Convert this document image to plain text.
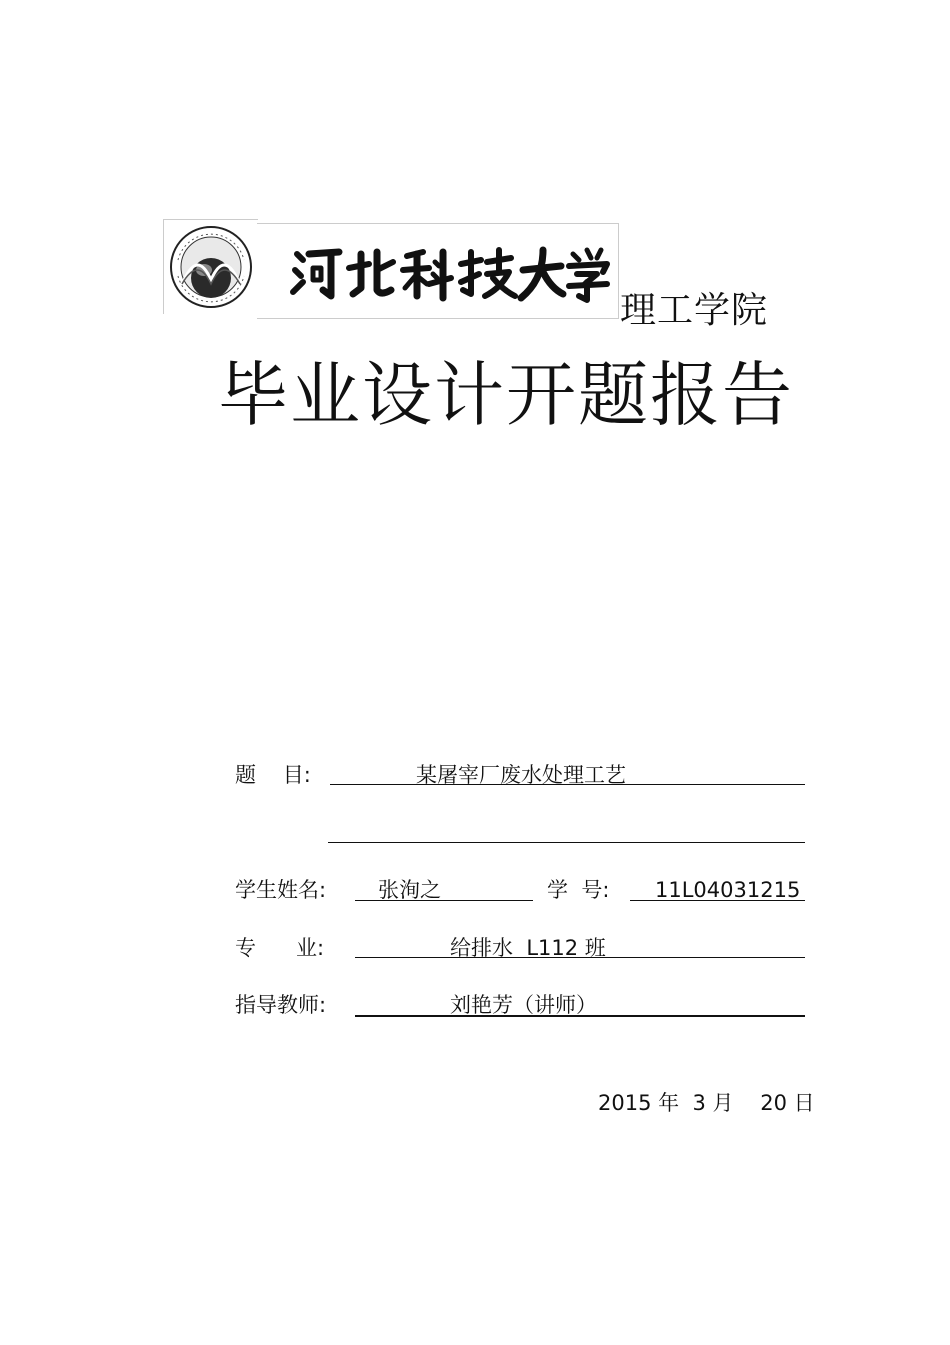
理工学院
毕业设计开题报告
题    目:	某屠宰厂废水处理工艺
学生姓名: 张洵之	学  号: 11L04031215
专      业:	给排水  L112 班
指导教师:	刘艳芳（讲师）
2015 年  3 月    20 日
